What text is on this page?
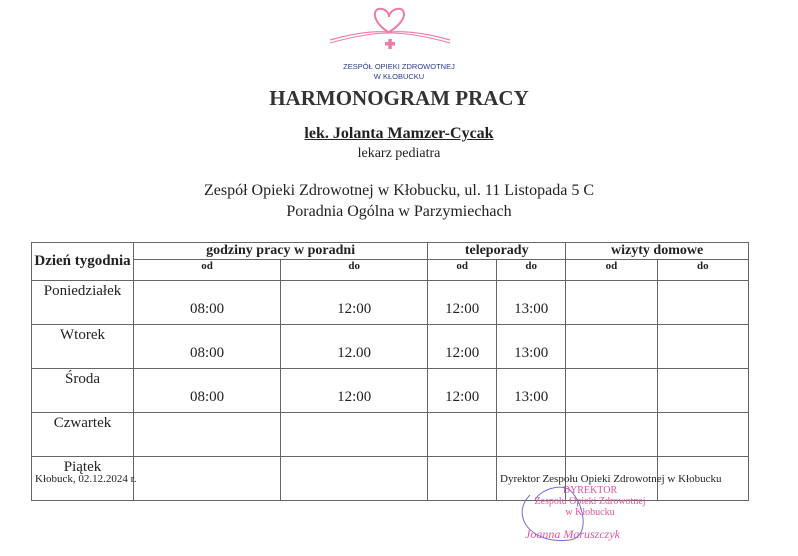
ZESPÓŁ OPIEKI ZDROWOTNEJ
W KŁOBUCKU
HARMONOGRAM PRACY
lek. Jolanta Mamzer-Cycak
lekarz pediatra
Zespół Opieki Zdrowotnej w Kłobucku, ul. 11 Listopada 5 C
Poradnia Ogólna w Parzymiechach
Dzień tygodnia	godziny pracy w poradni		teleporady		wizyty domowe	
	od	do	od	do	od	do
Poniedziałek	08:00	12:00	12:00	13:00		
Wtorek	08:00	12.00	12:00	13:00		
Środa	08:00	12:00	12:00	13:00		
Czwartek						
Piątek						
Kłobuck, 02.12.2024 r.	Dyrektor Zespołu Opieki Zdrowotnej w Kłobucku
DYREKTOR
Zespołu Opieki Zdrowotnej
w Kłobucku
Joanna Maruszczyk
